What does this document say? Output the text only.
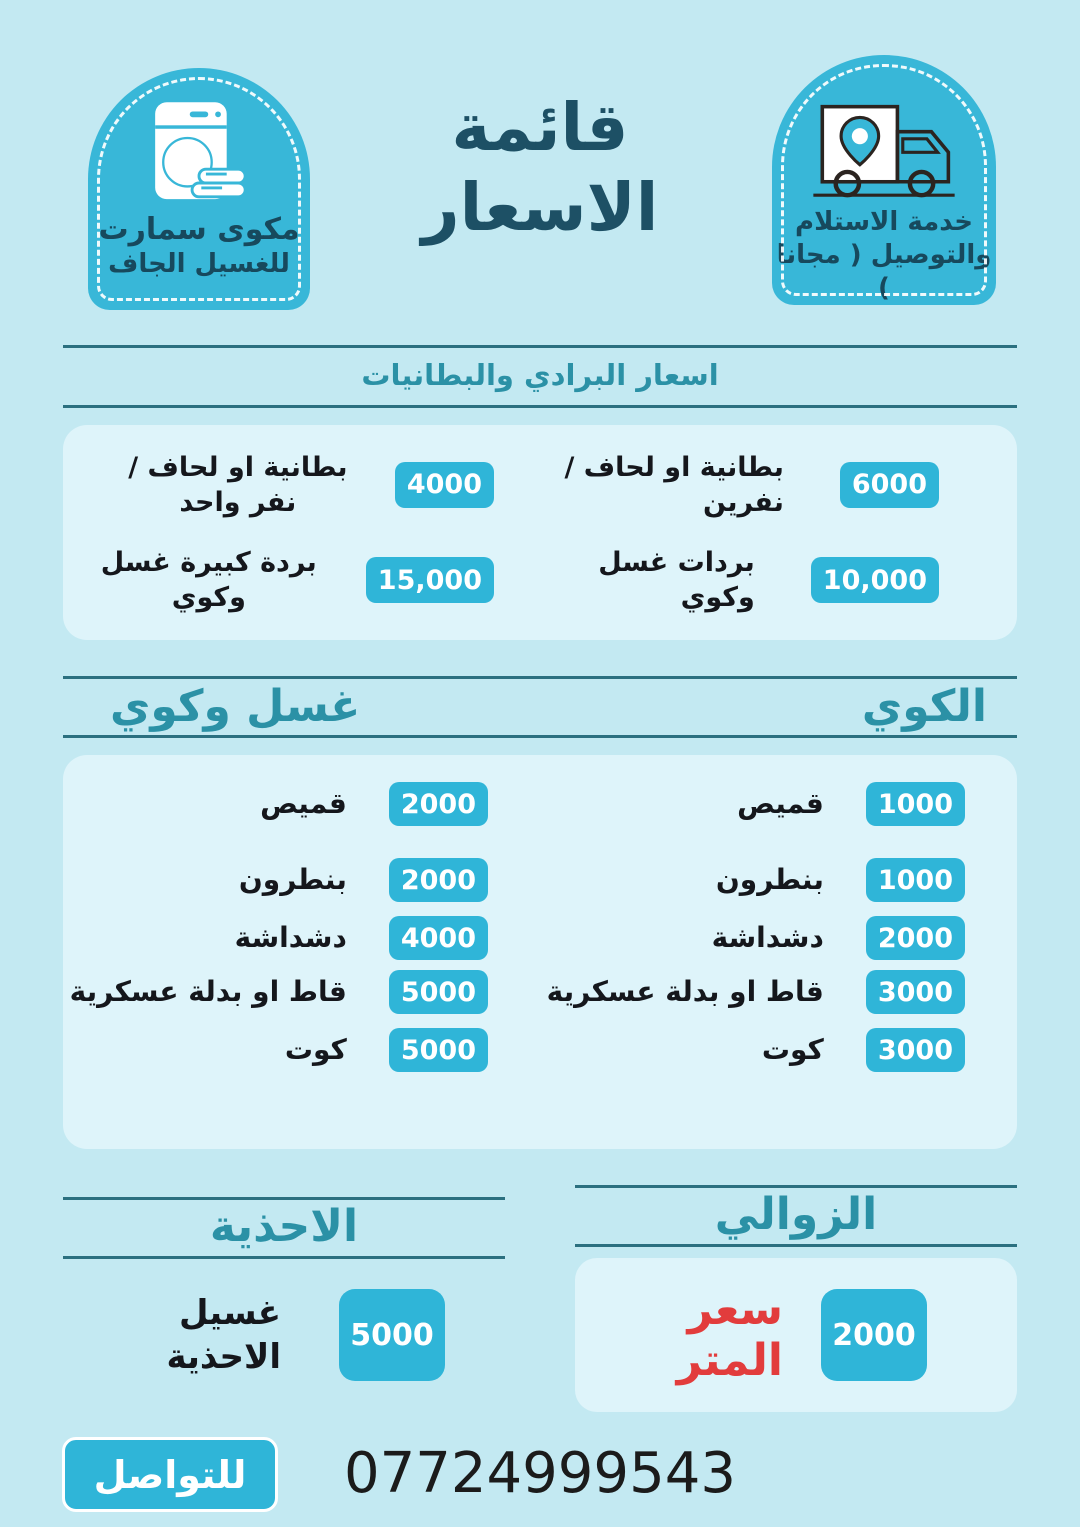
مكوى سمارت
للغسيل الجاف
قائمة
الاسعار	خدمة الاستلام
والتوصيل ( مجانا )
اسعار البرادي والبطانيات
6000
بطانية او لحاف / نفرين
4000
بطانية او لحاف /نفر واحد
10,000
بردات غسل وكوي
15,000
بردة كبيرة غسل وكوي
الكوي
غسل وكوي
1000
قميص
2000
قميص
1000
بنطرون
2000
بنطرون
2000
دشداشة
4000
دشداشة
3000
قاط او بدلة عسكرية
5000
قاط او بدلة عسكرية
3000
كوت
5000
كوت
الزوالي
الاحذية
2000
سعر المتر
5000
غسيل الاحذية
للتواصل	07724999543
